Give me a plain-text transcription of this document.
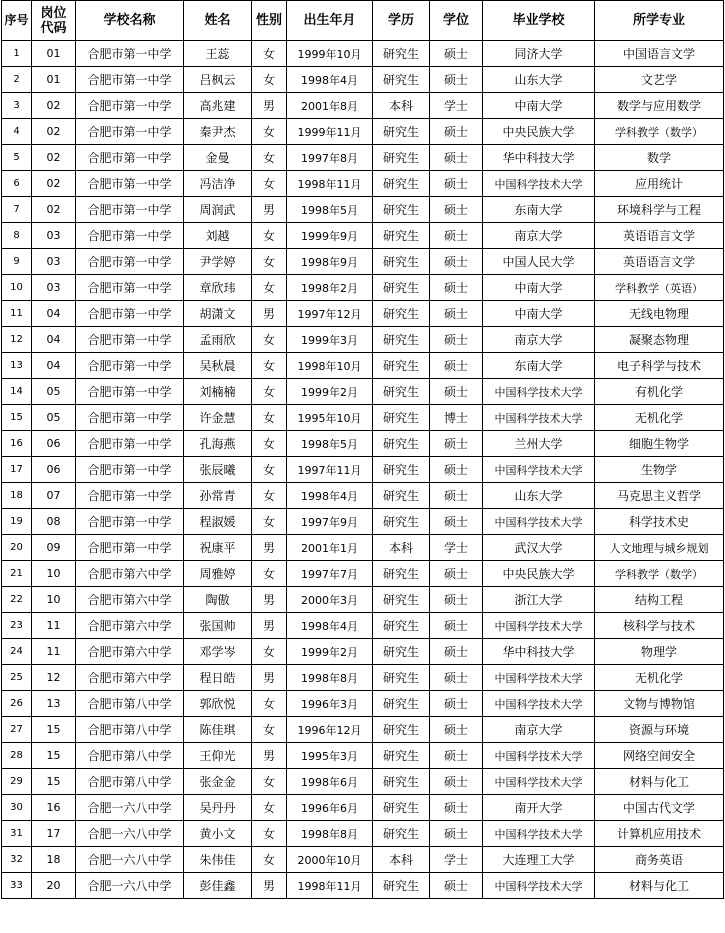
序号	岗位代码	学校名称	姓名	性别	出生年月	学历	学位	毕业学校	所学专业
1	01	合肥市第一中学	王蕊	女	1999年10月	研究生	硕士	同济大学	中国语言文学
2	01	合肥市第一中学	吕枫云	女	1998年4月	研究生	硕士	山东大学	文艺学
3	02	合肥市第一中学	高兆建	男	2001年8月	本科	学士	中南大学	数学与应用数学
4	02	合肥市第一中学	秦尹杰	女	1999年11月	研究生	硕士	中央民族大学	学科教学（数学）
5	02	合肥市第一中学	金曼	女	1997年8月	研究生	硕士	华中科技大学	数学
6	02	合肥市第一中学	冯洁净	女	1998年11月	研究生	硕士	中国科学技术大学	应用统计
7	02	合肥市第一中学	周润武	男	1998年5月	研究生	硕士	东南大学	环境科学与工程
8	03	合肥市第一中学	刘越	女	1999年9月	研究生	硕士	南京大学	英语语言文学
9	03	合肥市第一中学	尹学婷	女	1998年9月	研究生	硕士	中国人民大学	英语语言文学
10	03	合肥市第一中学	章欣玮	女	1998年2月	研究生	硕士	中南大学	学科教学（英语）
11	04	合肥市第一中学	胡潇文	男	1997年12月	研究生	硕士	中南大学	无线电物理
12	04	合肥市第一中学	孟雨欣	女	1999年3月	研究生	硕士	南京大学	凝聚态物理
13	04	合肥市第一中学	吴秋晨	女	1998年10月	研究生	硕士	东南大学	电子科学与技术
14	05	合肥市第一中学	刘楠楠	女	1999年2月	研究生	硕士	中国科学技术大学	有机化学
15	05	合肥市第一中学	许金慧	女	1995年10月	研究生	博士	中国科学技术大学	无机化学
16	06	合肥市第一中学	孔海燕	女	1998年5月	研究生	硕士	兰州大学	细胞生物学
17	06	合肥市第一中学	张辰曦	女	1997年11月	研究生	硕士	中国科学技术大学	生物学
18	07	合肥市第一中学	孙常青	女	1998年4月	研究生	硕士	山东大学	马克思主义哲学
19	08	合肥市第一中学	程淑媛	女	1997年9月	研究生	硕士	中国科学技术大学	科学技术史
20	09	合肥市第一中学	祝康平	男	2001年1月	本科	学士	武汉大学	人文地理与城乡规划
21	10	合肥市第六中学	周雅婷	女	1997年7月	研究生	硕士	中央民族大学	学科教学（数学）
22	10	合肥市第六中学	陶傲	男	2000年3月	研究生	硕士	浙江大学	结构工程
23	11	合肥市第六中学	张国帅	男	1998年4月	研究生	硕士	中国科学技术大学	核科学与技术
24	11	合肥市第六中学	邓学岑	女	1999年2月	研究生	硕士	华中科技大学	物理学
25	12	合肥市第六中学	程日皓	男	1998年8月	研究生	硕士	中国科学技术大学	无机化学
26	13	合肥市第八中学	郭欣悦	女	1996年3月	研究生	硕士	中国科学技术大学	文物与博物馆
27	15	合肥市第八中学	陈佳琪	女	1996年12月	研究生	硕士	南京大学	资源与环境
28	15	合肥市第八中学	王仰光	男	1995年3月	研究生	硕士	中国科学技术大学	网络空间安全
29	15	合肥市第八中学	张金金	女	1998年6月	研究生	硕士	中国科学技术大学	材料与化工
30	16	合肥一六八中学	吴丹丹	女	1996年6月	研究生	硕士	南开大学	中国古代文学
31	17	合肥一六八中学	黄小文	女	1998年8月	研究生	硕士	中国科学技术大学	计算机应用技术
32	18	合肥一六八中学	朱伟佳	女	2000年10月	本科	学士	大连理工大学	商务英语
33	20	合肥一六八中学	彭佳鑫	男	1998年11月	研究生	硕士	中国科学技术大学	材料与化工
